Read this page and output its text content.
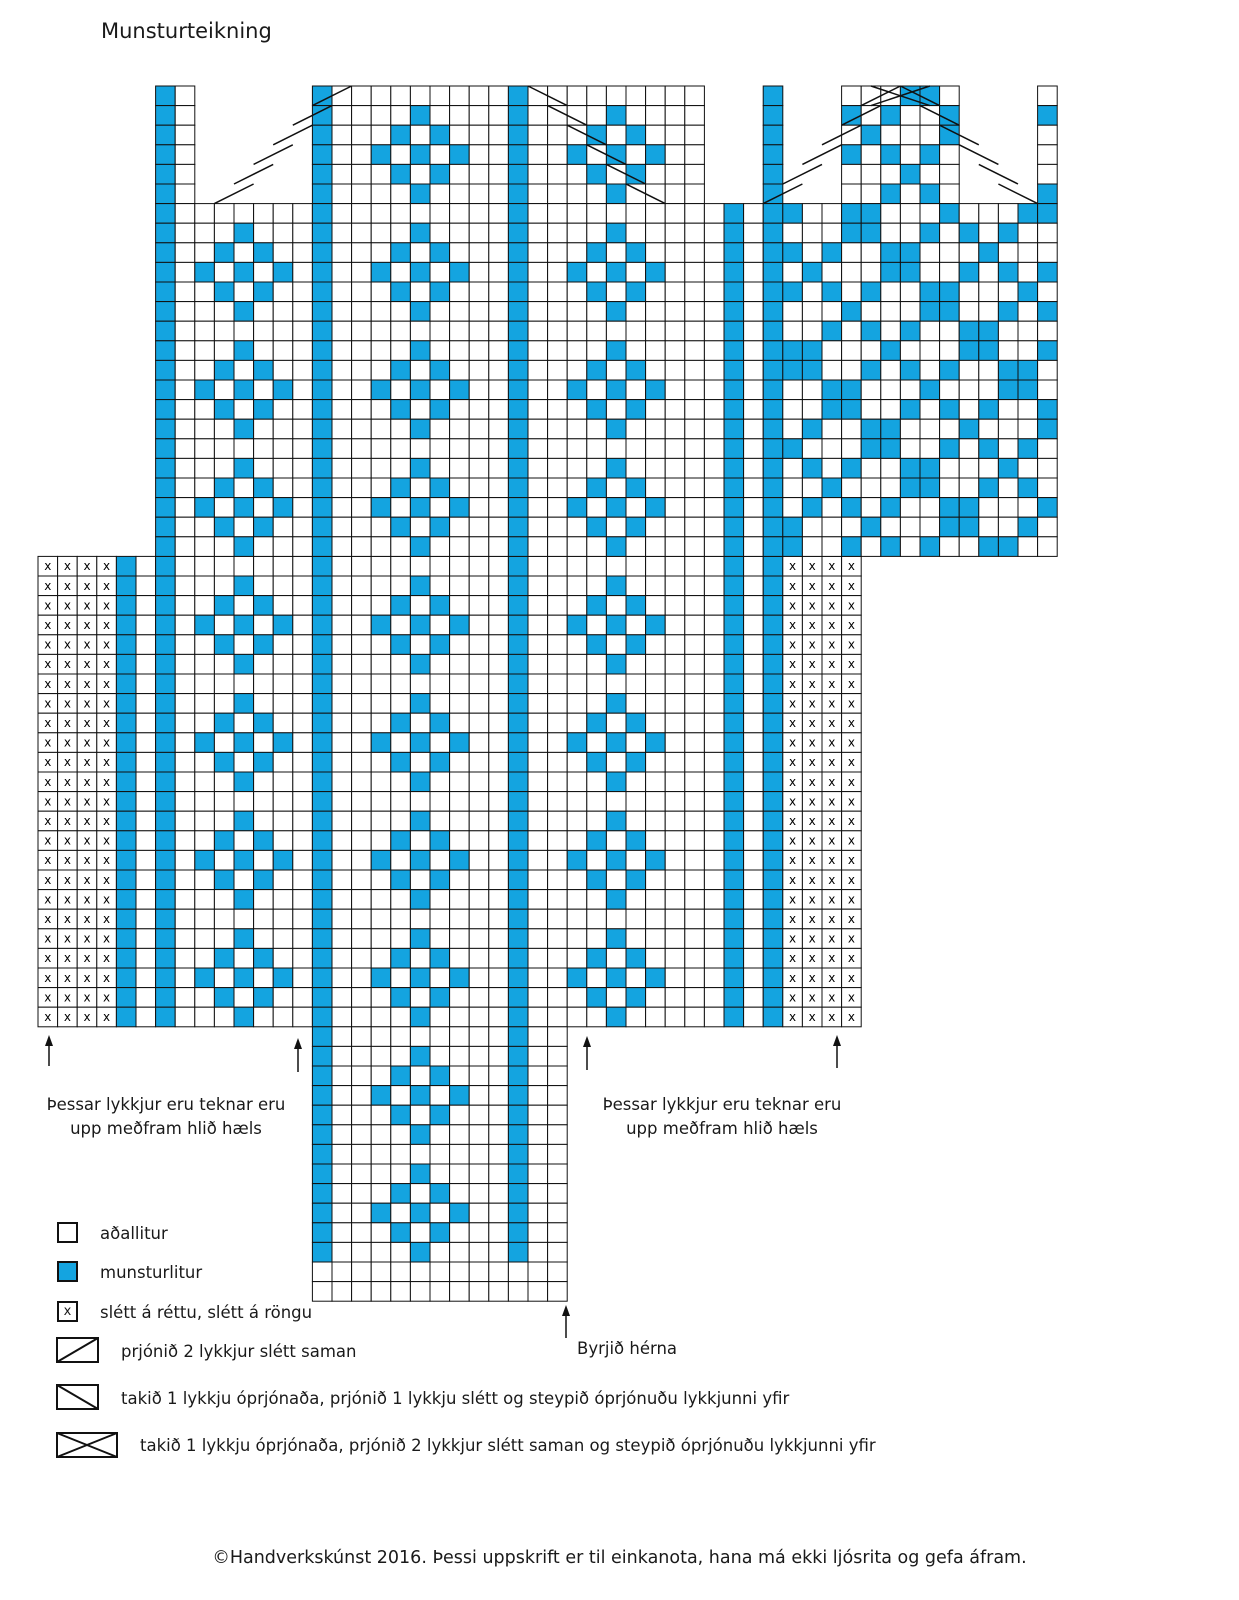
Munsturteikning
x x x x	x x x x
x x x x	x x x x
x x x x	x x x x
x x x x	x x x x
x x x x	x x x x
x x x x	x x x x
x x x x	x x x x
x x x x	x x x x
x x x x	x x x x
x x x x	x x x x
x x x x	x x x x
x x x x	x x x x
x x x x	x x x x
x x x x	x x x x
x x x x	x x x x
x x x x	x x x x
x x x x	x x x x
x x x x	x x x x
x x x x	x x x x
x x x x	x x x x
x x x x	x x x x
x x x x	x x x x
x x x x	x x x x
x x x x	x x x x
Þessar lykkjur eru teknar eru
upp meðfram hlið hæls
Þessar lykkjur eru teknar eru
upp meðfram hlið hæls
Byrjið hérna
aðallitur
munsturlitur
x	slétt á réttu, slétt á röngu
prjónið 2 lykkjur slétt saman
takið 1 lykkju óprjónaða, prjónið 1 lykkju slétt og steypið óprjónuðu lykkjunni yfir
takið 1 lykkju óprjónaða, prjónið 2 lykkjur slétt saman og steypið óprjónuðu lykkjunni yfir
©Handverkskúnst 2016. Þessi uppskrift er til einkanota, hana má ekki ljósrita og gefa áfram.
